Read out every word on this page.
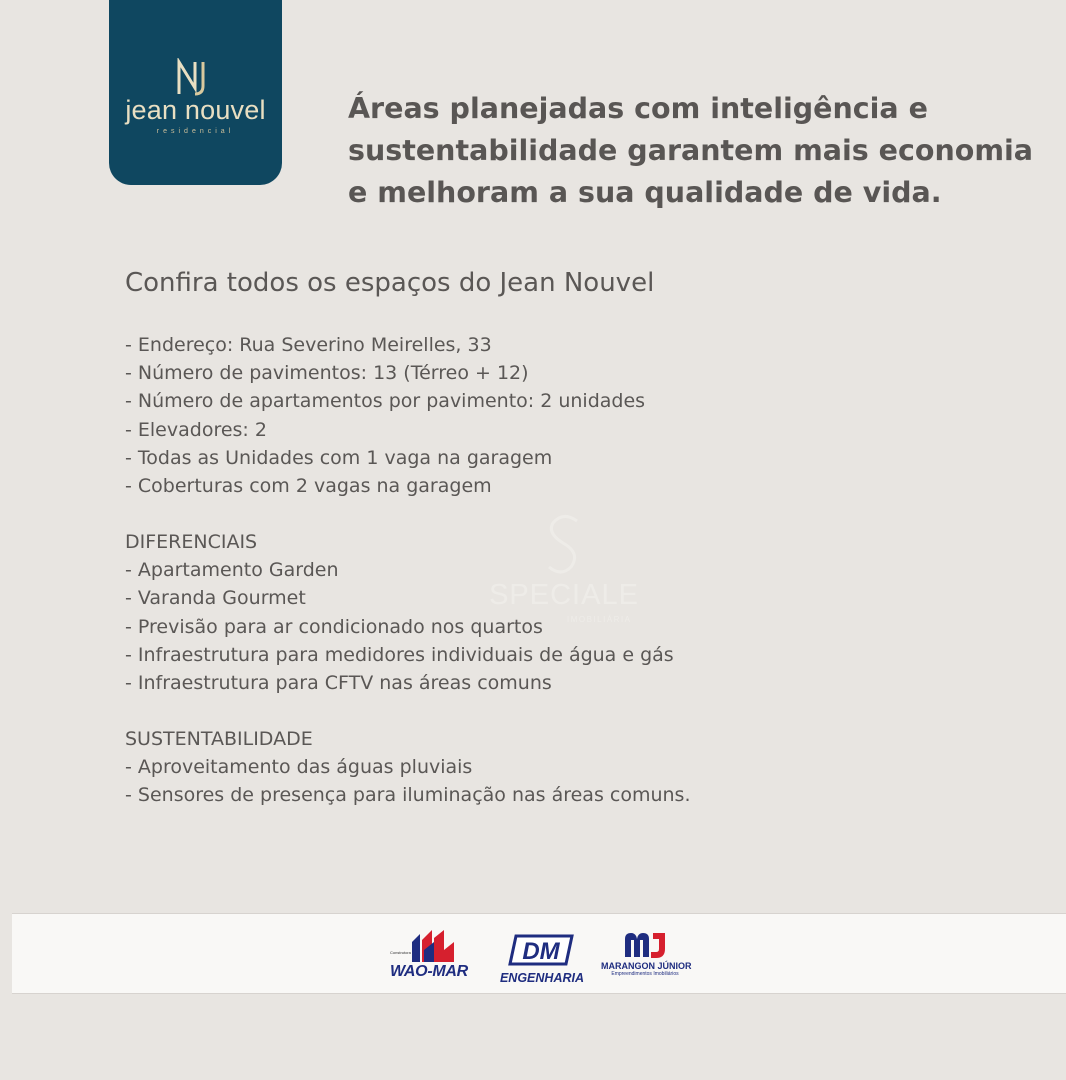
jean nouvel
residencial
Áreas planejadas com inteligência e
sustentabilidade garantem mais economia
e melhoram a sua qualidade de vida.
Confira todos os espaços do Jean Nouvel
- Endereço: Rua Severino Meirelles, 33
- Número de pavimentos: 13 (Térreo + 12)
- Número de apartamentos por pavimento: 2 unidades
- Elevadores: 2
- Todas as Unidades com 1 vaga na garagem
- Coberturas com 2 vagas na garagem
DIFERENCIAIS
- Apartamento Garden
- Varanda Gourmet
- Previsão para ar condicionado nos quartos
- Infraestrutura para medidores individuais de água e gás
- Infraestrutura para CFTV nas áreas comuns
SUSTENTABILIDADE
- Aproveitamento das águas pluviais
- Sensores de presença para iluminação nas áreas comuns.
SPECIALE
IMOBILIÁRIA
Construtora
WAO-MAR
DM
ENGENHARIA
MARANGON JÚNIOR
Empreendimentos Imobiliários
